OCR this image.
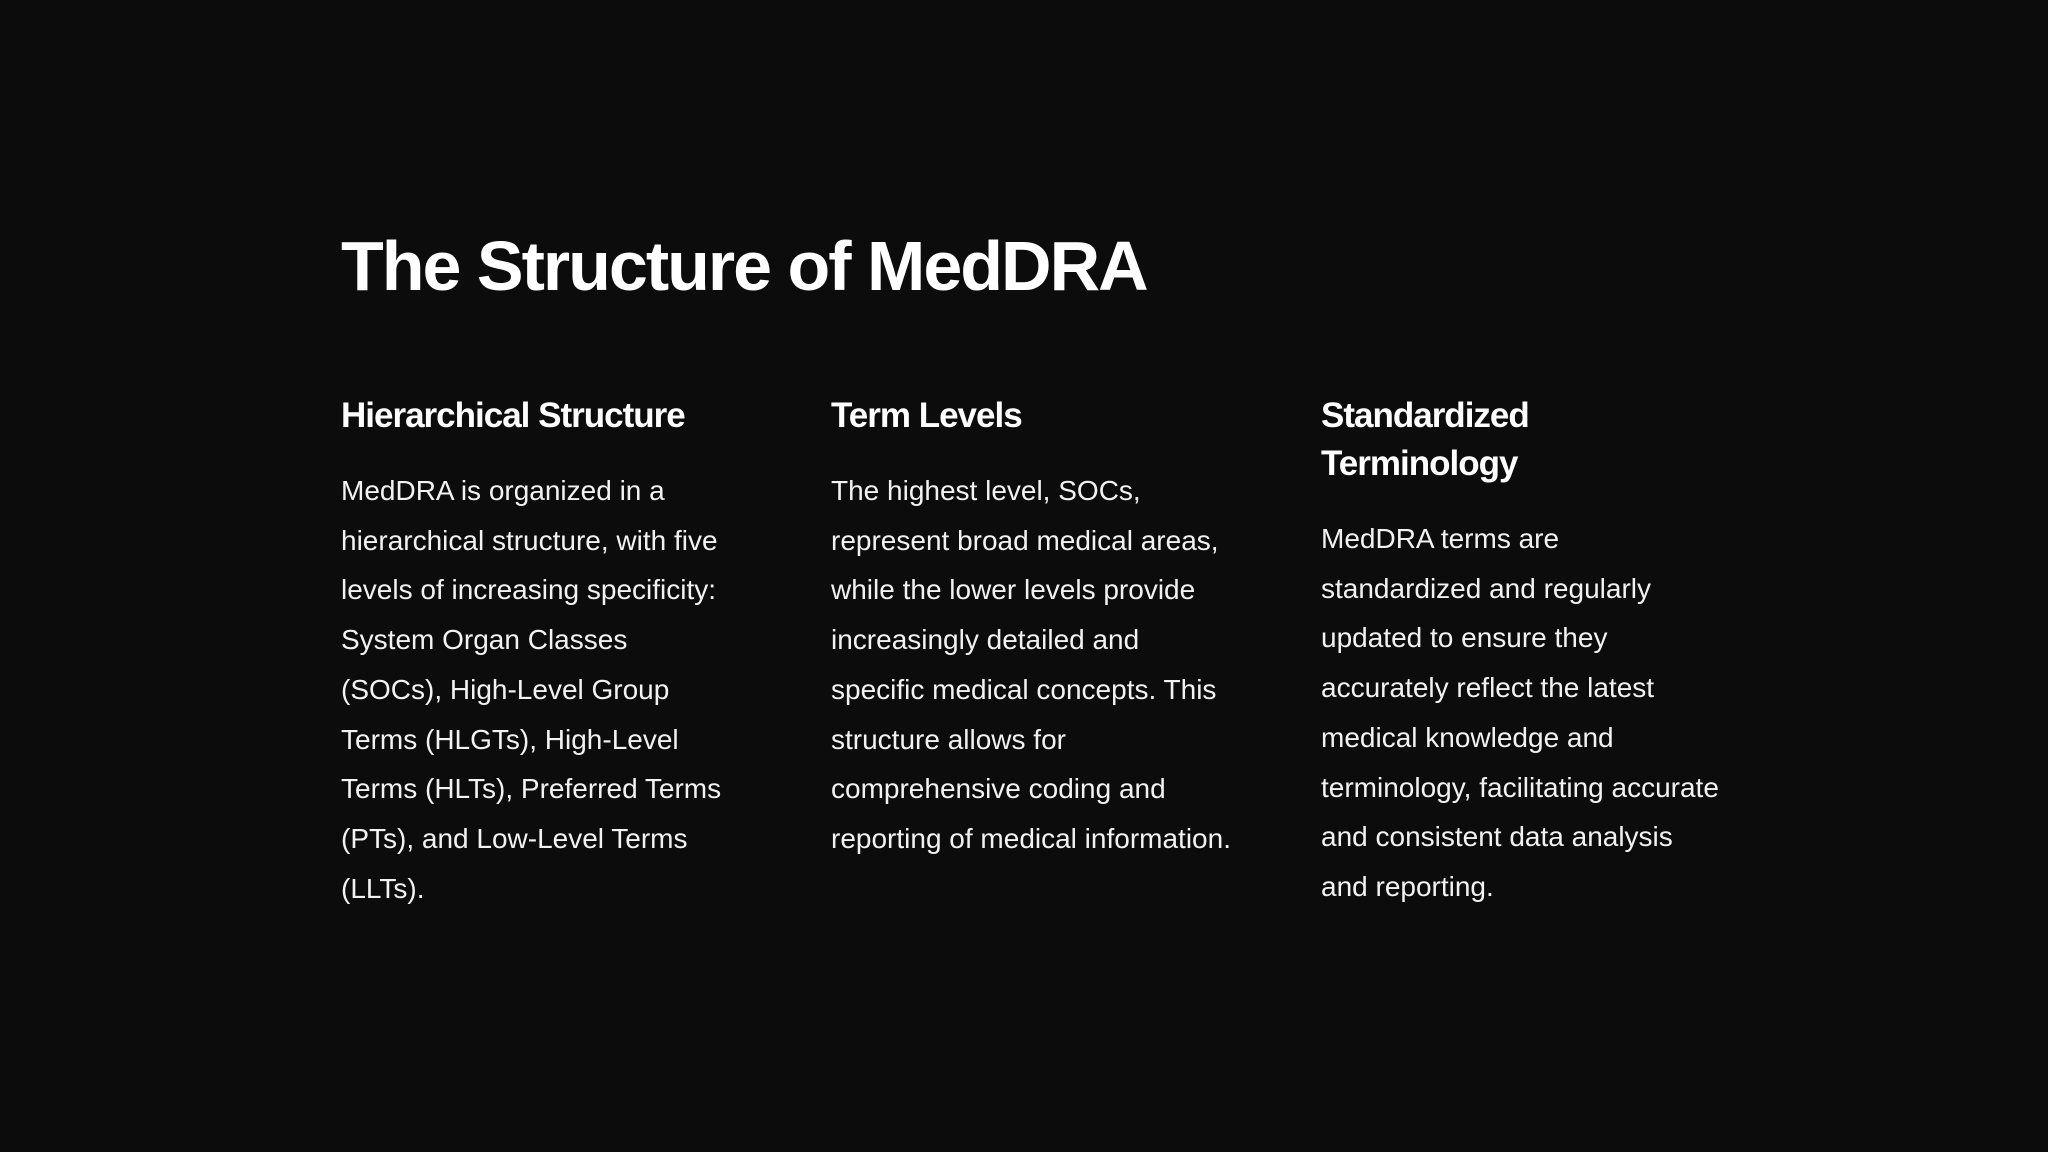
The Structure of MedDRA
Hierarchical Structure

MedDRA is organized in a hierarchical structure, with five levels of increasing specificity: System Organ Classes (SOCs), High-Level Group Terms (HLGTs), High-Level Terms (HLTs), Preferred Terms (PTs), and Low-Level Terms (LLTs).

Term Levels

The highest level, SOCs, represent broad medical areas, while the lower levels provide increasingly detailed and specific medical concepts. This structure allows for comprehensive coding and reporting of medical information.

Standardized Terminology

MedDRA terms are standardized and regularly updated to ensure they accurately reflect the latest medical knowledge and terminology, facilitating accurate and consistent data analysis and reporting.
